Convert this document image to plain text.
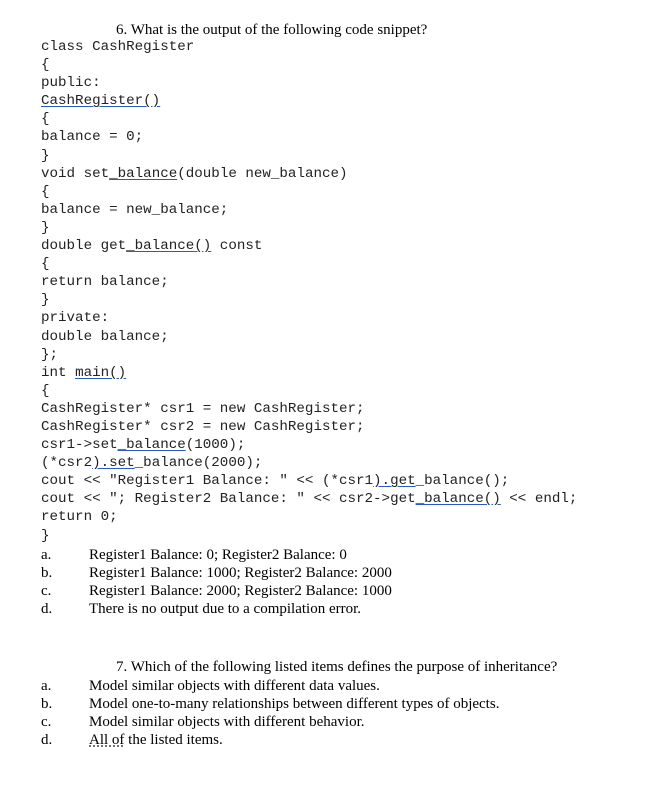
6. What is the output of the following code snippet?
class CashRegister
{
public:
CashRegister()
{
balance = 0;
}
void set_balance(double new_balance)
{
balance = new_balance;
}
double get_balance() const
{
return balance;
}
private:
double balance;
};
int main()
{
CashRegister* csr1 = new CashRegister;
CashRegister* csr2 = new CashRegister;
csr1->set_balance(1000);
(*csr2).set_balance(2000);
cout << "Register1 Balance: " << (*csr1).get_balance();
cout << "; Register2 Balance: " << csr2->get_balance() << endl;
return 0;
}
a.	Register1 Balance: 0; Register2 Balance: 0
b. Register1 Balance: 1000; Register2 Balance: 2000
c.	Register1 Balance: 2000; Register2 Balance: 1000
d. There is no output due to a compilation error.
7. Which of the following listed items defines the purpose of inheritance?
a.	Model similar objects with different data values.
b. Model one-to-many relationships between different types of objects.
c.	Model similar objects with different behavior.
d. All of the listed items.
